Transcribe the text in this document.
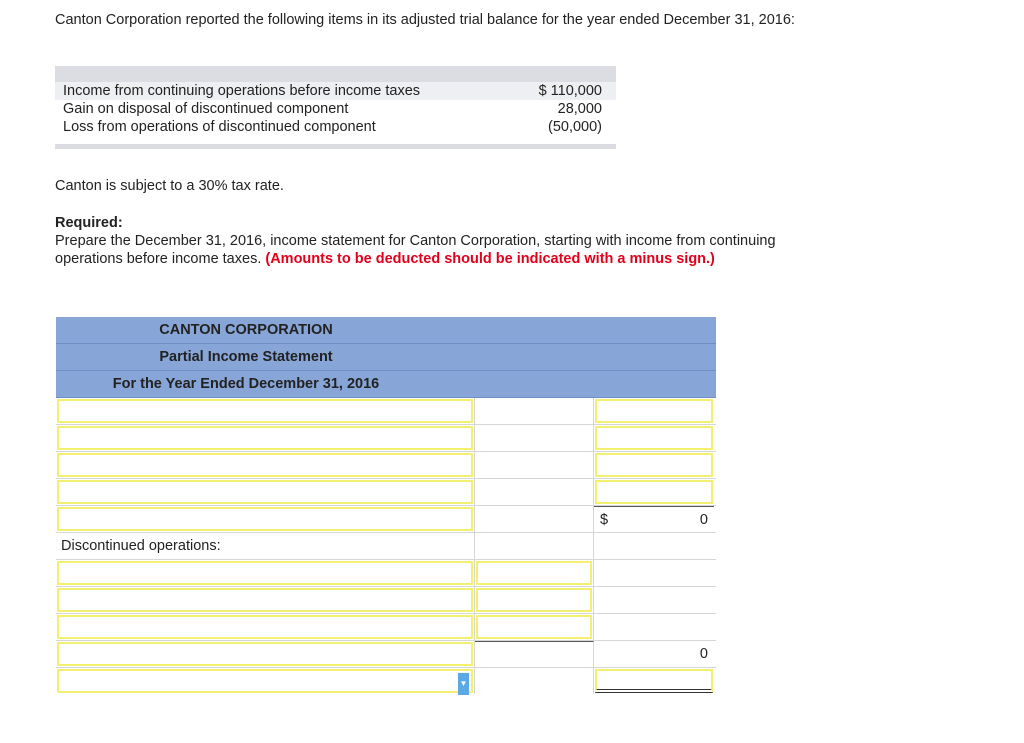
Canton Corporation reported the following items in its adjusted trial balance for the year ended December 31, 2016:
Income from continuing operations before income taxes	$ 110,000
Gain on disposal of discontinued component	28,000
Loss from operations of discontinued component	(50,000)
Canton is subject to a 30% tax rate.
Required:
Prepare the December 31, 2016, income statement for Canton Corporation, starting with income from continuing operations before income taxes. (Amounts to be deducted should be indicated with a minus sign.)
CANTON CORPORATION
Partial Income Statement
For the Year Ended December 31, 2016
$	0
Discontinued operations:
0
▼
